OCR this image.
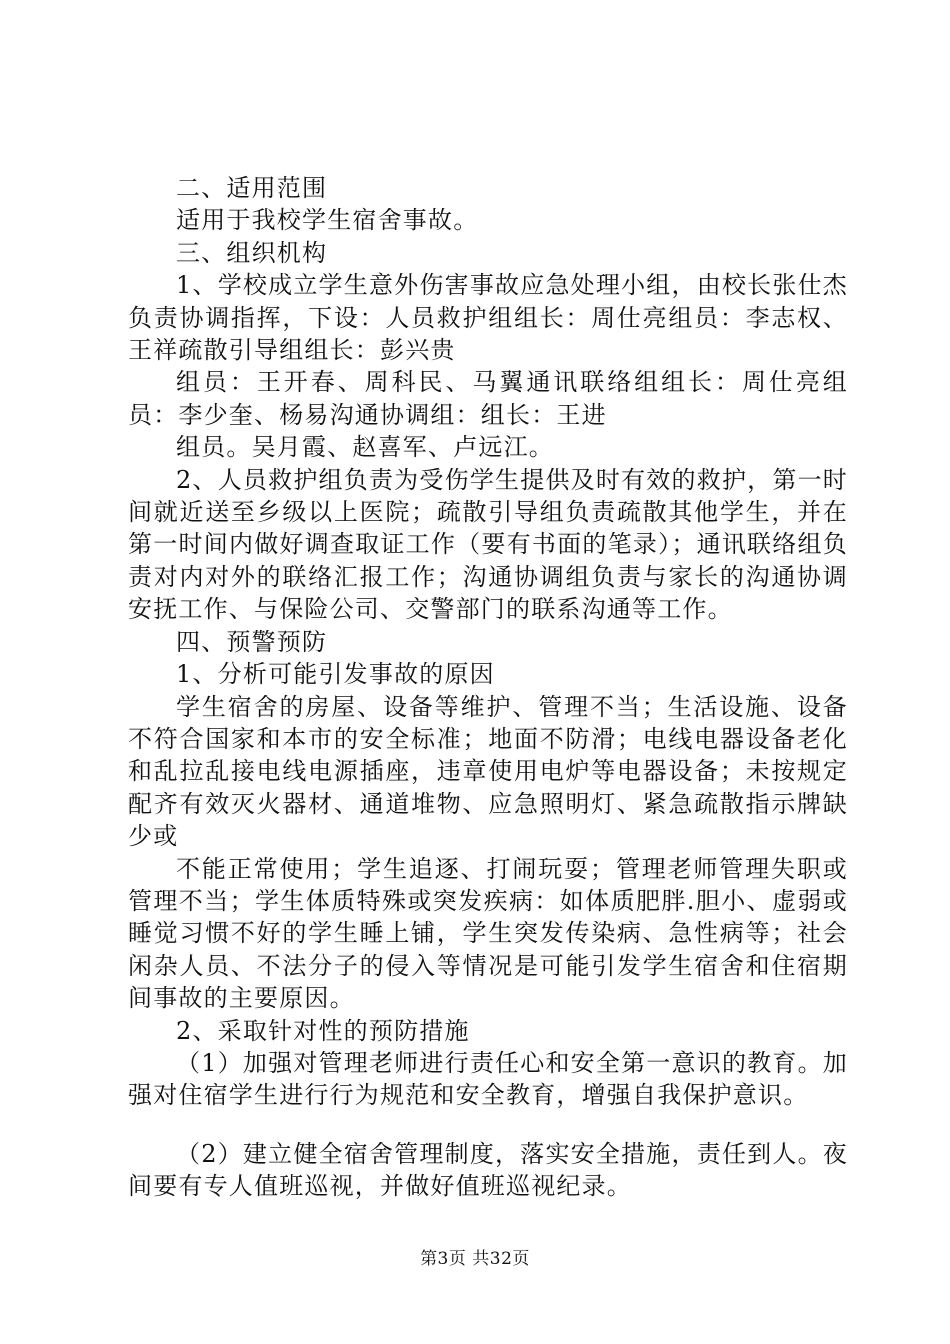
二、适用范围

适用于我校学生宿舍事故。

三、组织机构

1、学校成立学生意外伤害事故应急处理小组，由校长张仕杰负责协调指挥，下设：人员救护组组长：周仕亮组员：李志权、王祥疏散引导组组长：彭兴贵

组员：王开春、周科民、马翼通讯联络组组长：周仕亮组员：李少奎、杨易沟通协调组：组长：王进

组员。吴月霞、赵喜军、卢远江。

2、人员救护组负责为受伤学生提供及时有效的救护，第一时间就近送至乡级以上医院；疏散引导组负责疏散其他学生，并在第一时间内做好调查取证工作（要有书面的笔录）；通讯联络组负责对内对外的联络汇报工作；沟通协调组负责与家长的沟通协调安抚工作、与保险公司、交警部门的联系沟通等工作。

四、预警预防

1、分析可能引发事故的原因

学生宿舍的房屋、设备等维护、管理不当；生活设施、设备不符合国家和本市的安全标准；地面不防滑；电线电器设备老化和乱拉乱接电线电源插座，违章使用电炉等电器设备；未按规定配齐有效灭火器材、通道堆物、应急照明灯、紧急疏散指示牌缺少或

不能正常使用；学生追逐、打闹玩耍；管理老师管理失职或管理不当；学生体质特殊或突发疾病：如体质肥胖.胆小、虚弱或睡觉习惯不好的学生睡上铺，学生突发传染病、急性病等；社会闲杂人员、不法分子的侵入等情况是可能引发学生宿舍和住宿期间事故的主要原因。

2、采取针对性的预防措施

（1）加强对管理老师进行责任心和安全第一意识的教育。加强对住宿学生进行行为规范和安全教育，增强自我保护意识。

（2）建立健全宿舍管理制度，落实安全措施，责任到人。夜间要有专人值班巡视，并做好值班巡视纪录。

第3页 共32页
